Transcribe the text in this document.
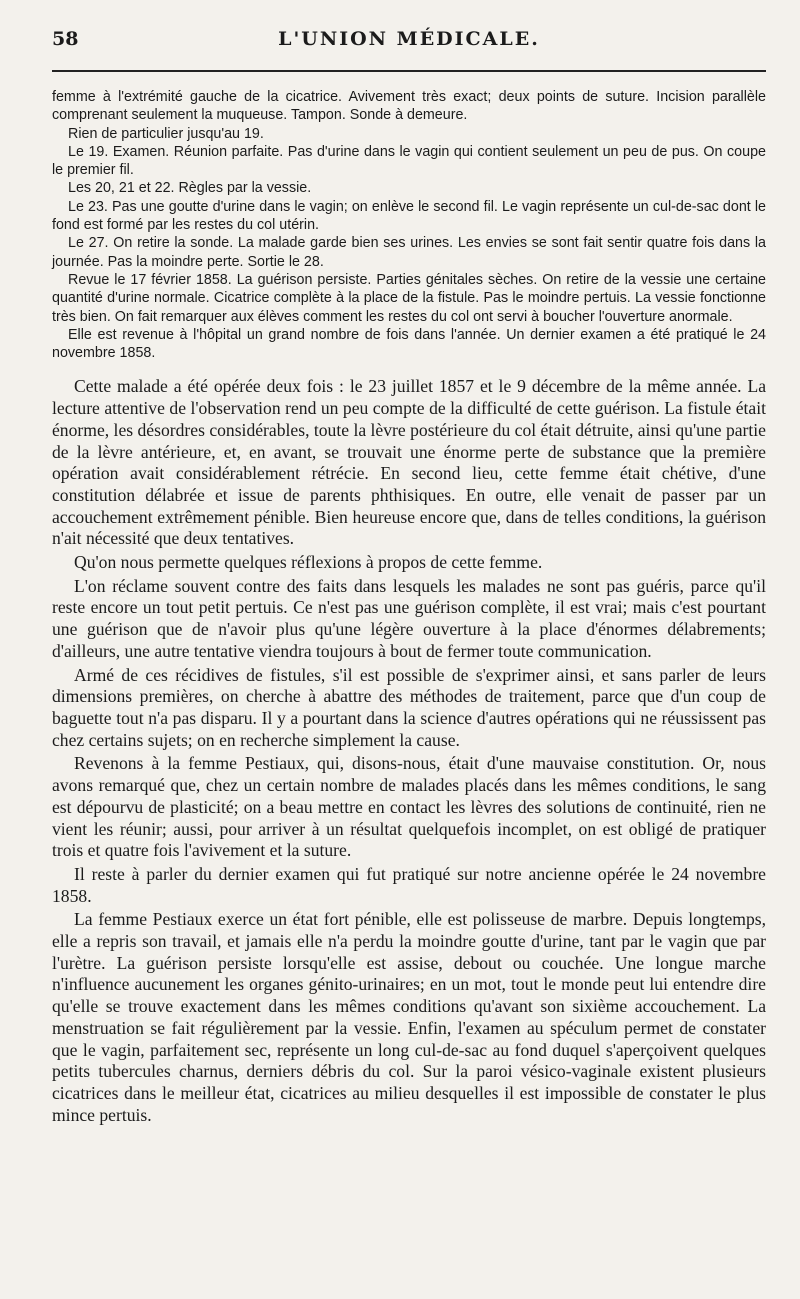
58	L'UNION MÉDICALE.

femme à l'extrémité gauche de la cicatrice. Avivement très exact; deux points de suture. Incision parallèle comprenant seulement la muqueuse. Tampon. Sonde à demeure.

Rien de particulier jusqu'au 19.

Le 19. Examen. Réunion parfaite. Pas d'urine dans le vagin qui contient seulement un peu de pus. On coupe le premier fil.

Les 20, 21 et 22. Règles par la vessie.

Le 23. Pas une goutte d'urine dans le vagin; on enlève le second fil. Le vagin représente un cul-de-sac dont le fond est formé par les restes du col utérin.

Le 27. On retire la sonde. La malade garde bien ses urines. Les envies se sont fait sentir quatre fois dans la journée. Pas la moindre perte. Sortie le 28.

Revue le 17 février 1858. La guérison persiste. Parties génitales sèches. On retire de la vessie une certaine quantité d'urine normale. Cicatrice complète à la place de la fistule. Pas le moindre pertuis. La vessie fonctionne très bien. On fait remarquer aux élèves comment les restes du col ont servi à boucher l'ouverture anormale.

Elle est revenue à l'hôpital un grand nombre de fois dans l'année. Un dernier examen a été pratiqué le 24 novembre 1858.

Cette malade a été opérée deux fois : le 23 juillet 1857 et le 9 décembre de la même année. La lecture attentive de l'observation rend un peu compte de la difficulté de cette guérison. La fistule était énorme, les désordres considérables, toute la lèvre postérieure du col était détruite, ainsi qu'une partie de la lèvre antérieure, et, en avant, se trouvait une énorme perte de substance que la première opération avait considérablement rétrécie. En second lieu, cette femme était chétive, d'une constitution délabrée et issue de parents phthisiques. En outre, elle venait de passer par un accouchement extrêmement pénible. Bien heureuse encore que, dans de telles conditions, la guérison n'ait nécessité que deux tentatives.

Qu'on nous permette quelques réflexions à propos de cette femme.

L'on réclame souvent contre des faits dans lesquels les malades ne sont pas guéris, parce qu'il reste encore un tout petit pertuis. Ce n'est pas une guérison complète, il est vrai; mais c'est pourtant une guérison que de n'avoir plus qu'une légère ouverture à la place d'énormes délabrements; d'ailleurs, une autre tentative viendra toujours à bout de fermer toute communication.

Armé de ces récidives de fistules, s'il est possible de s'exprimer ainsi, et sans parler de leurs dimensions premières, on cherche à abattre des méthodes de traitement, parce que d'un coup de baguette tout n'a pas disparu. Il y a pourtant dans la science d'autres opérations qui ne réussissent pas chez certains sujets; on en recherche simplement la cause.

Revenons à la femme Pestiaux, qui, disons-nous, était d'une mauvaise constitution. Or, nous avons remarqué que, chez un certain nombre de malades placés dans les mêmes conditions, le sang est dépourvu de plasticité; on a beau mettre en contact les lèvres des solutions de continuité, rien ne vient les réunir; aussi, pour arriver à un résultat quelquefois incomplet, on est obligé de pratiquer trois et quatre fois l'avivement et la suture.

Il reste à parler du dernier examen qui fut pratiqué sur notre ancienne opérée le 24 novembre 1858.

La femme Pestiaux exerce un état fort pénible, elle est polisseuse de marbre. Depuis longtemps, elle a repris son travail, et jamais elle n'a perdu la moindre goutte d'urine, tant par le vagin que par l'urètre. La guérison persiste lorsqu'elle est assise, debout ou couchée. Une longue marche n'influence aucunement les organes génito-urinaires; en un mot, tout le monde peut lui entendre dire qu'elle se trouve exactement dans les mêmes conditions qu'avant son sixième accouchement. La menstruation se fait régulièrement par la vessie. Enfin, l'examen au spéculum permet de constater que le vagin, parfaitement sec, représente un long cul-de-sac au fond duquel s'aperçoivent quelques petits tubercules charnus, derniers débris du col. Sur la paroi vésico-vaginale existent plusieurs cicatrices dans le meilleur état, cicatrices au milieu desquelles il est impossible de constater le plus mince pertuis.
